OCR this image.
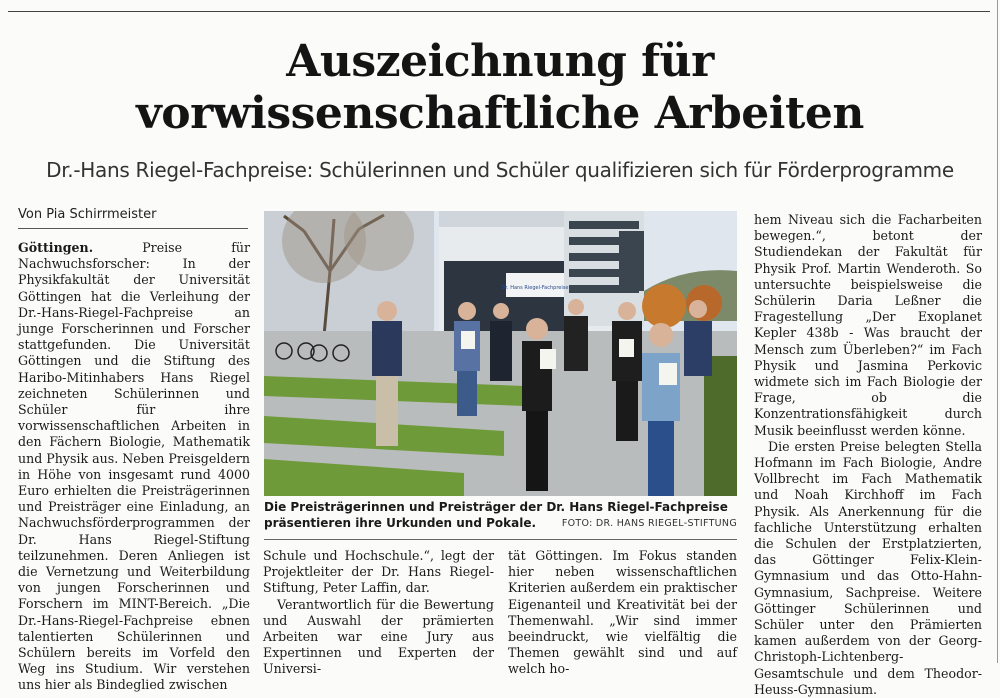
Auszeichnung für
vorwissenschaftliche Arbeiten
Dr.-Hans Riegel-Fachpreise: Schülerinnen und Schüler qualifizieren sich für Förderprogramme
Von Pia Schirrmeister

Göttingen.	Preise für Nachwuchsforscher: In der Physikfakultät der Universität Göttingen hat die Verleihung der Dr.-Hans-Riegel-Fachpreise an junge Forscherinnen und Forscher stattgefunden. Die Universität Göttingen und die Stiftung des Haribo-Mitinhabers Hans Riegel zeichneten Schülerinnen und Schüler für ihre vorwissenschaftlichen Arbeiten in den Fächern Biologie, Mathematik und Physik aus. Neben Preisgeldern in Höhe von insgesamt rund 4000 Euro erhielten die Preisträgerinnen und Preisträger eine Einladung, an Nachwuchsförderprogrammen der Dr. Hans Riegel-Stiftung teilzunehmen. Deren Anliegen ist die Vernetzung und Weiterbildung von jungen Forscherinnen und Forschern im MINT-Bereich. „Die Dr.-Hans-Riegel-Fachpreise ebnen talentierten Schülerinnen und Schülern bereits im Vorfeld den Weg ins Studium. Wir verstehen uns hier als Bindeglied zwischen

Dr. Hans Riegel-Fachpreise
Die Preisträgerinnen und Preisträger der Dr. Hans Riegel-Fachpreise präsentieren ihre Urkunden und Pokale.	FOTO: DR. HANS RIEGEL-STIFTUNG

Schule und Hochschule.“, legt der Projektleiter der Dr. Hans Riegel-Stiftung, Peter Laffin, dar.

Verantwortlich für die Bewertung und Auswahl der prämierten Arbeiten war eine Jury aus Expertinnen und Experten der Universi-

tät Göttingen. Im Fokus standen hier neben wissenschaftlichen Kriterien außerdem ein praktischer Eigenanteil und Kreativität bei der Themenwahl. „Wir sind immer beeindruckt, wie vielfältig die Themen gewählt sind und auf welch ho-

hem Niveau sich die Facharbeiten bewegen.“, betont der Studiendekan der Fakultät für Physik Prof. Martin Wenderoth. So untersuchte beispielsweise die Schülerin Daria Leßner die Fragestellung „Der Exoplanet Kepler 438b - Was braucht der Mensch zum Überleben?“ im Fach Physik und Jasmina Perkovic widmete sich im Fach Biologie der Frage, ob die Konzentrationsfähigkeit durch Musik beeinflusst werden könne.

Die ersten Preise belegten Stella Hofmann im Fach Biologie, Andre Vollbrecht im Fach Mathematik und Noah Kirchhoff im Fach Physik. Als Anerkennung für die fachliche Unterstützung erhalten die Schulen der Erstplatzierten, das Göttinger Felix-Klein-Gymnasium und das Otto-Hahn-Gymnasium, Sachpreise. Weitere Göttinger Schülerinnen und Schüler unter den Prämierten kamen außerdem von der Georg-Christoph-Lichtenberg-Gesamtschule und dem Theodor-Heuss-Gymnasium.
